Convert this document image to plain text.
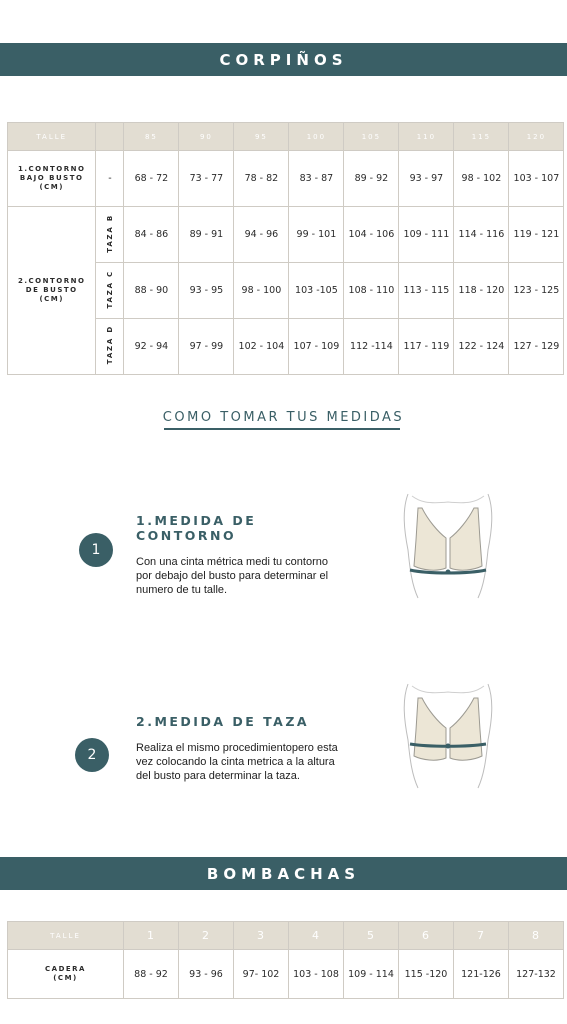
CORPIÑOS
TALLE		85	90	95	100	105	110	115	120
1.CONTORNO BAJO BUSTO (CM)	-	68 - 72	73 - 77	78 - 82	83 - 87	89 - 92	93 - 97	98 - 102	103 - 107
2.CONTORNO DE BUSTO (CM)	TAZA B	84 - 86	89 - 91	94 - 96	99 - 101	104 - 106	109 - 111	114 - 116	119 - 121
	TAZA C	88 - 90	93 - 95	98 - 100	103 -105	108 - 110	113 - 115	118 - 120	123 - 125
	TAZA D	92 - 94	97 - 99	102 - 104	107 - 109	112 -114	117 - 119	122 - 124	127 - 129
COMO TOMAR TUS MEDIDAS
1
1.MEDIDA DE CONTORNO
Con una cinta métrica medi tu contorno por debajo del busto para determinar el numero de tu talle.
2
2.MEDIDA DE TAZA
Realiza el mismo procedimientopero esta vez colocando la cinta metrica a la altura del busto para determinar la taza.
BOMBACHAS
TALLE	1	2	3	4	5	6	7	8
CADERA (CM)	88 - 92	93 - 96	97- 102	103 - 108	109 - 114	115 -120	121-126	127-132
